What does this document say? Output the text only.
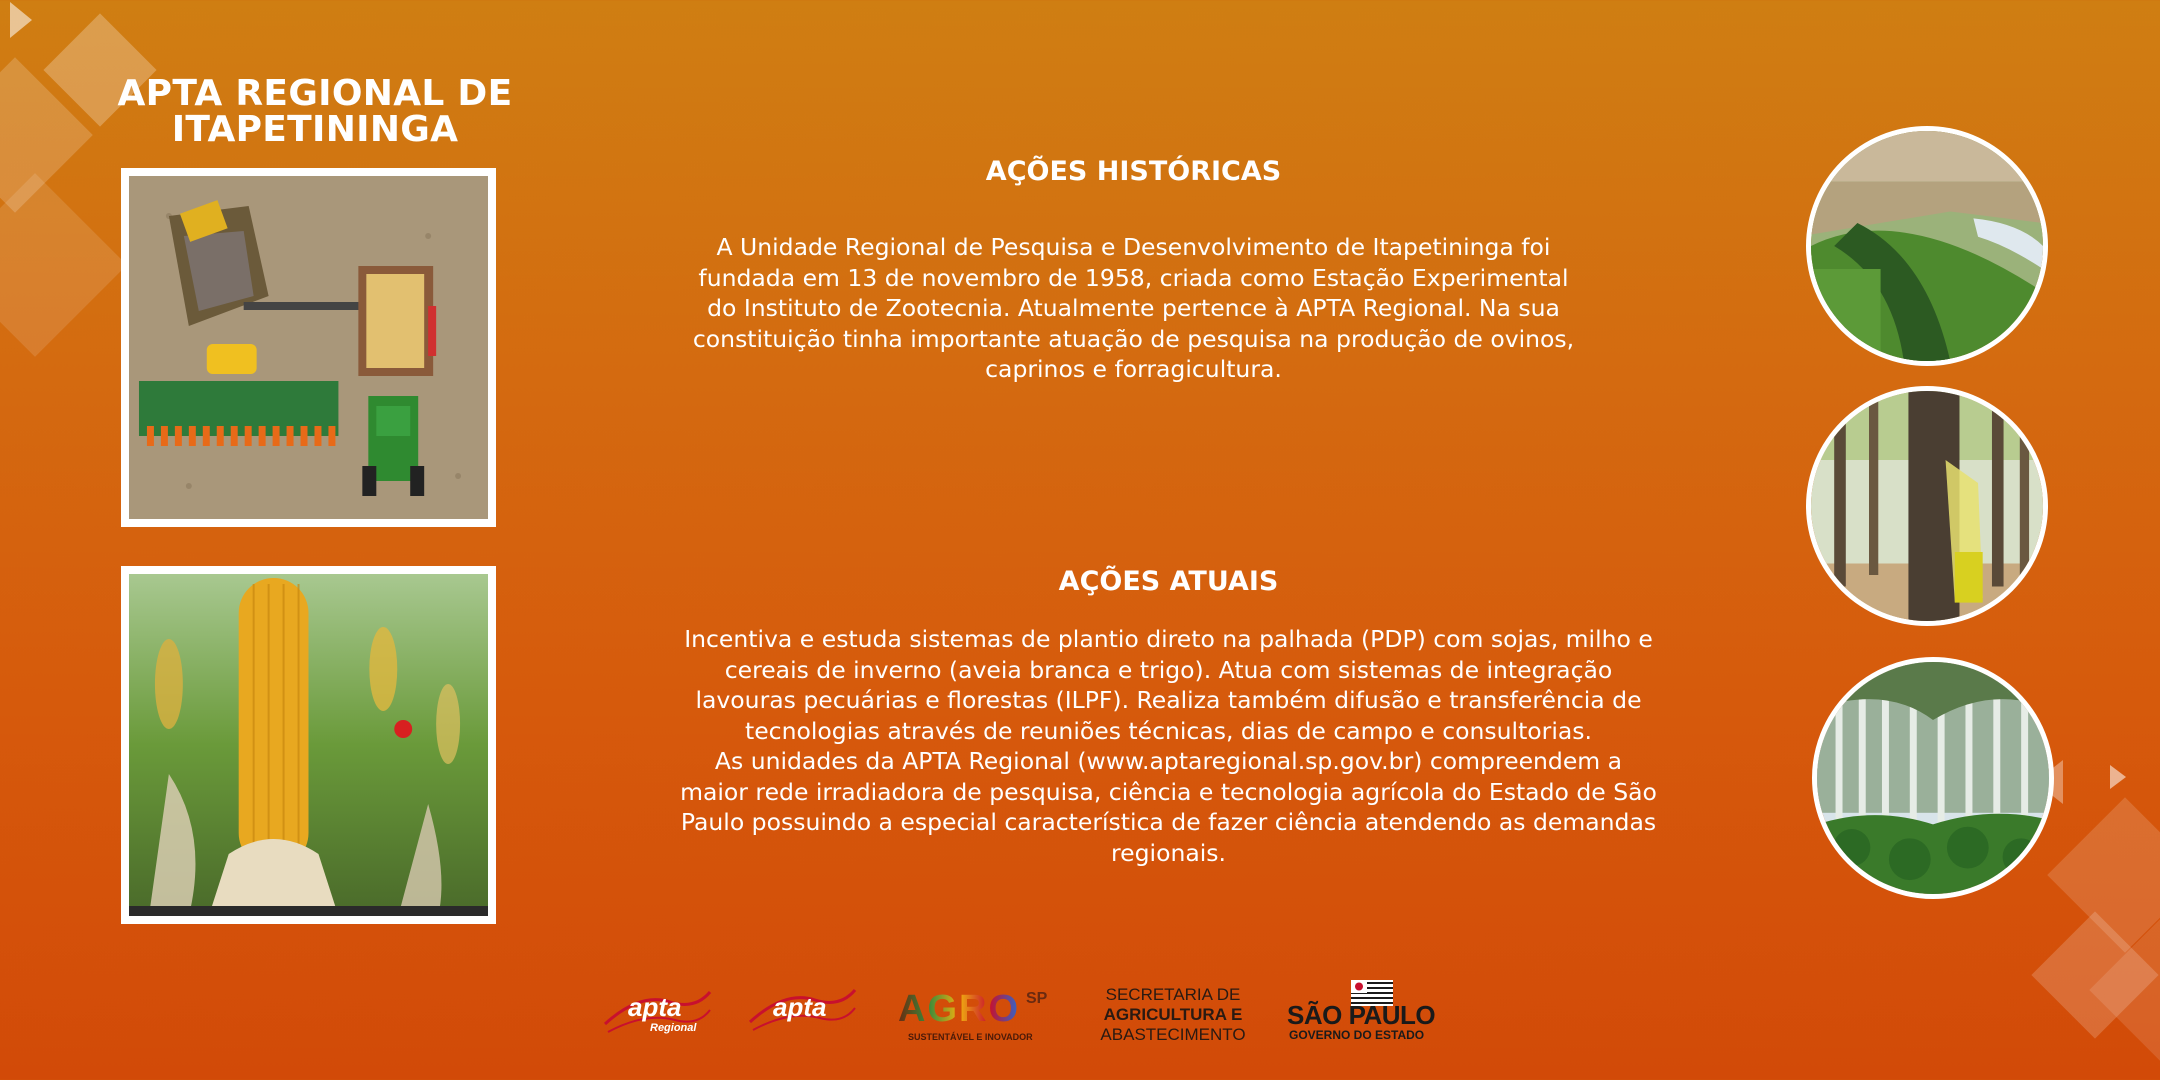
APTA REGIONAL DE ITAPETININGA
AÇÕES HISTÓRICAS
A Unidade Regional de Pesquisa e Desenvolvimento de Itapetininga foi
fundada em 13 de novembro de 1958, criada como Estação Experimental
do Instituto de Zootecnia. Atualmente pertence à APTA Regional. Na sua
constituição tinha importante atuação de pesquisa na produção de ovinos,
caprinos e forragicultura.
AÇÕES ATUAIS
Incentiva e estuda sistemas de plantio direto na palhada (PDP) com sojas, milho e
cereais de inverno (aveia branca e trigo). Atua com sistemas de integração
lavouras pecuárias e florestas (ILPF). Realiza também difusão e transferência de
tecnologias através de reuniões técnicas, dias de campo e consultorias.
As unidades da APTA Regional (www.aptaregional.sp.gov.br) compreendem a
maior rede irradiadora de pesquisa, ciência e tecnologia agrícola do Estado de São
Paulo possuindo a especial característica de fazer ciência atendendo as demandas
regionais.
apta
Regional
apta AGRO SP
SUSTENTÁVEL E INOVADOR
SECRETARIA DE
AGRICULTURA E
ABASTECIMENTO
SÃO PAULO
GOVERNO DO ESTADO
